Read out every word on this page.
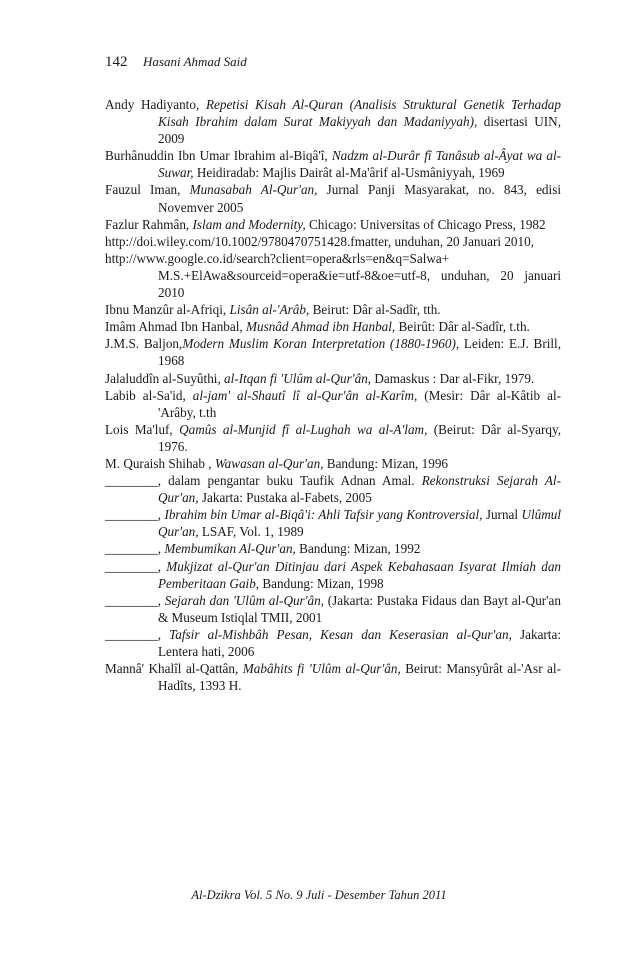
142 Hasani Ahmad Said
Andy Hadiyanto, Repetisi Kisah Al-Quran (Analisis Struktural Genetik Terhadap Kisah Ibrahim dalam Surat Makiyyah dan Madaniyyah), disertasi UIN, 2009
Burhânuddin Ibn Umar Ibrahim al-Biqâ'î, Nadzm al-Durâr fî Tanâsub al-Âyat wa al-Suwar, Heidiradab: Majlis Dairât al-Ma'ârif al-Usmâniyyah, 1969
Fauzul Iman, Munasabah Al-Qur'an, Jurnal Panji Masyarakat, no. 843, edisi Novemver 2005
Fazlur Rahmân, Islam and Modernity, Chicago: Universitas of Chicago Press, 1982
http://doi.wiley.com/10.1002/9780470751428.fmatter, unduhan, 20 Januari 2010,
http://www.google.co.id/search?client=opera&rls=en&q=Salwa+ M.S.+ElAwa&sourceid=opera&ie=utf-8&oe=utf-8, unduhan, 20 januari 2010
Ibnu Manzûr al-Afriqi, Lisân al-'Arâb, Beirut: Dâr al-Sadîr, tth.
Imâm Ahmad Ibn Hanbal, Musnâd Ahmad ibn Hanbal, Beirût: Dâr al-Sadîr, t.th.
J.M.S. Baljon,Modern Muslim Koran Interpretation (1880-1960), Leiden: E.J. Brill, 1968
Jalaluddîn al-Suyûthi, al-Itqan fi 'Ulûm al-Qur'ân, Damaskus : Dar al-Fikr, 1979.
Labib al-Sa'id, al-jam' al-Shautî lî al-Qur'ân al-Karîm, (Mesir: Dâr al-Kâtib al-'Arâby, t.th
Lois Ma'luf, Qamûs al-Munjid fî al-Lughah wa al-A'lam, (Beirut: Dâr al-Syarqy, 1976.
M. Quraish Shihab , Wawasan al-Qur'an, Bandung: Mizan, 1996
________, dalam pengantar buku Taufik Adnan Amal. Rekonstruksi Sejarah Al-Qur'an, Jakarta: Pustaka al-Fabets, 2005
________, Ibrahim bin Umar al-Biqâ'i: Ahli Tafsir yang Kontroversial, Jurnal Ulûmul Qur'an, LSAF, Vol. 1, 1989
________, Membumikan Al-Qur'an, Bandung: Mizan, 1992
________, Mukjizat al-Qur'an Ditinjau dari Aspek Kebahasaan Isyarat Ilmiah dan Pemberitaan Gaib, Bandung: Mizan, 1998
________, Sejarah dan 'Ulûm al-Qur'ân, (Jakarta: Pustaka Fidaus dan Bayt al-Qur'an & Museum Istiqlal TMII, 2001
________, Tafsir al-Mishbâh Pesan, Kesan dan Keserasian al-Qur'an, Jakarta: Lentera hati, 2006
Mannâ' Khalîl al-Qattân, Mabâhits fi 'Ulûm al-Qur'ân, Beirut: Mansyûrât al-'Asr al-Hadîts, 1393 H.
Al-Dzikra Vol. 5 No. 9 Juli - Desember Tahun 2011
